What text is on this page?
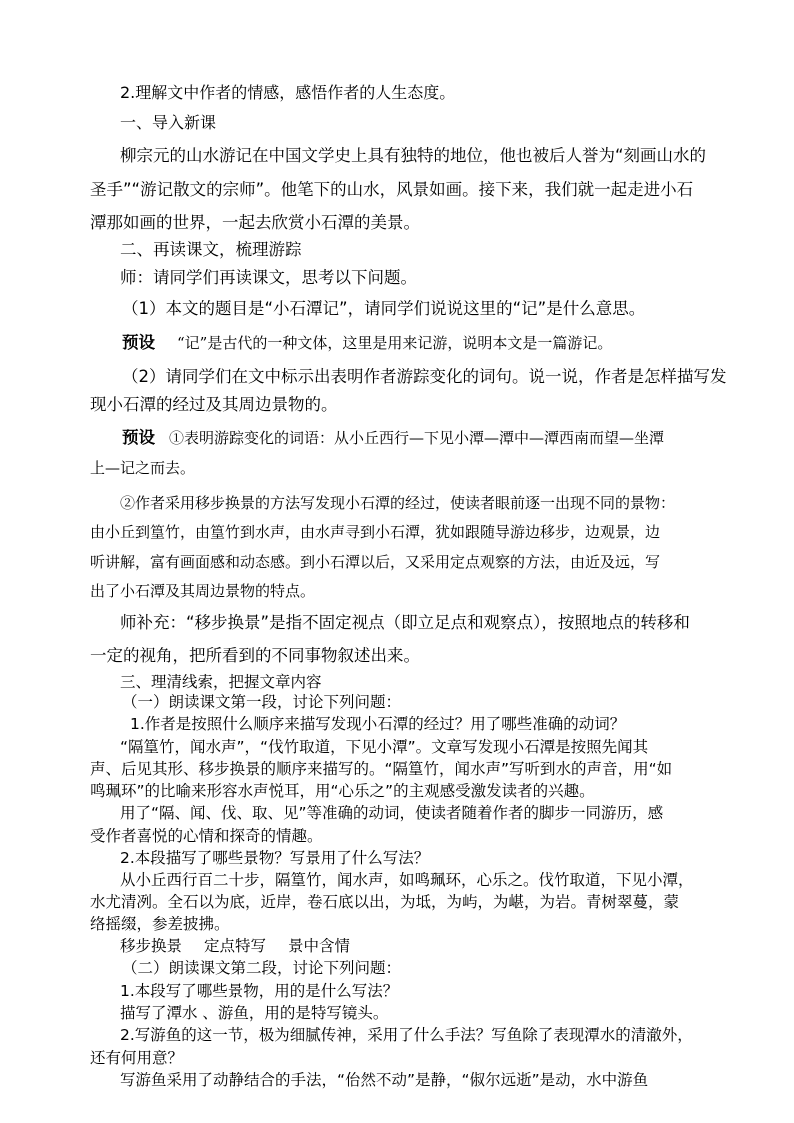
2.理解文中作者的情感，感悟作者的人生态度。
一、导入新课
柳宗元的山水游记在中国文学史上具有独特的地位，他也被后人誉为“刻画山水的
圣手”“游记散文的宗师”。他笔下的山水，风景如画。接下来，我们就一起走进小石
潭那如画的世界，一起去欣赏小石潭的美景。
二、再读课文，梳理游踪
师：请同学们再读课文，思考以下问题。
（1）本文的题目是“小石潭记”，请同学们说说这里的“记”是什么意思。
预设 “记”是古代的一种文体，这里是用来记游，说明本文是一篇游记。
（2）请同学们在文中标示出表明作者游踪变化的词句。说一说，作者是怎样描写发
现小石潭的经过及其周边景物的。
预设 ①表明游踪变化的词语：从小丘西行—下见小潭—潭中—潭西南而望—坐潭
上—记之而去。
②作者采用移步换景的方法写发现小石潭的经过，使读者眼前逐一出现不同的景物：
由小丘到篁竹，由篁竹到水声，由水声寻到小石潭，犹如跟随导游边移步，边观景，边
听讲解，富有画面感和动态感。到小石潭以后，又采用定点观察的方法，由近及远，写
出了小石潭及其周边景物的特点。
师补充：“移步换景”是指不固定视点（即立足点和观察点），按照地点的转移和
一定的视角，把所看到的不同事物叙述出来。
三、理清线索，把握文章内容
（一）朗读课文第一段，讨论下列问题：
1.作者是按照什么顺序来描写发现小石潭的经过？用了哪些准确的动词？
“隔篁竹，闻水声”，“伐竹取道，下见小潭”。文章写发现小石潭是按照先闻其
声、后见其形、移步换景的顺序来描写的。“隔篁竹，闻水声”写听到水的声音，用“如
鸣珮环”的比喻来形容水声悦耳，用“心乐之”的主观感受激发读者的兴趣。
用了“隔、闻、伐、取、见”等准确的动词，使读者随着作者的脚步一同游历，感
受作者喜悦的心情和探奇的情趣。
2.本段描写了哪些景物？写景用了什么写法？
从小丘西行百二十步，隔篁竹，闻水声，如鸣珮环，心乐之。伐竹取道，下见小潭，
水尤清冽。全石以为底，近岸，卷石底以出，为坻，为屿，为嵁，为岩。青树翠蔓，蒙
络摇缀，参差披拂。
移步换景 定点特写 景中含情
（二）朗读课文第二段，讨论下列问题：
1.本段写了哪些景物，用的是什么写法？
描写了潭水 、游鱼，用的是特写镜头。
2.写游鱼的这一节，极为细腻传神，采用了什么手法？写鱼除了表现潭水的清澈外，
还有何用意？
写游鱼采用了动静结合的手法，“佁然不动”是静，“俶尔远逝”是动，水中游鱼
